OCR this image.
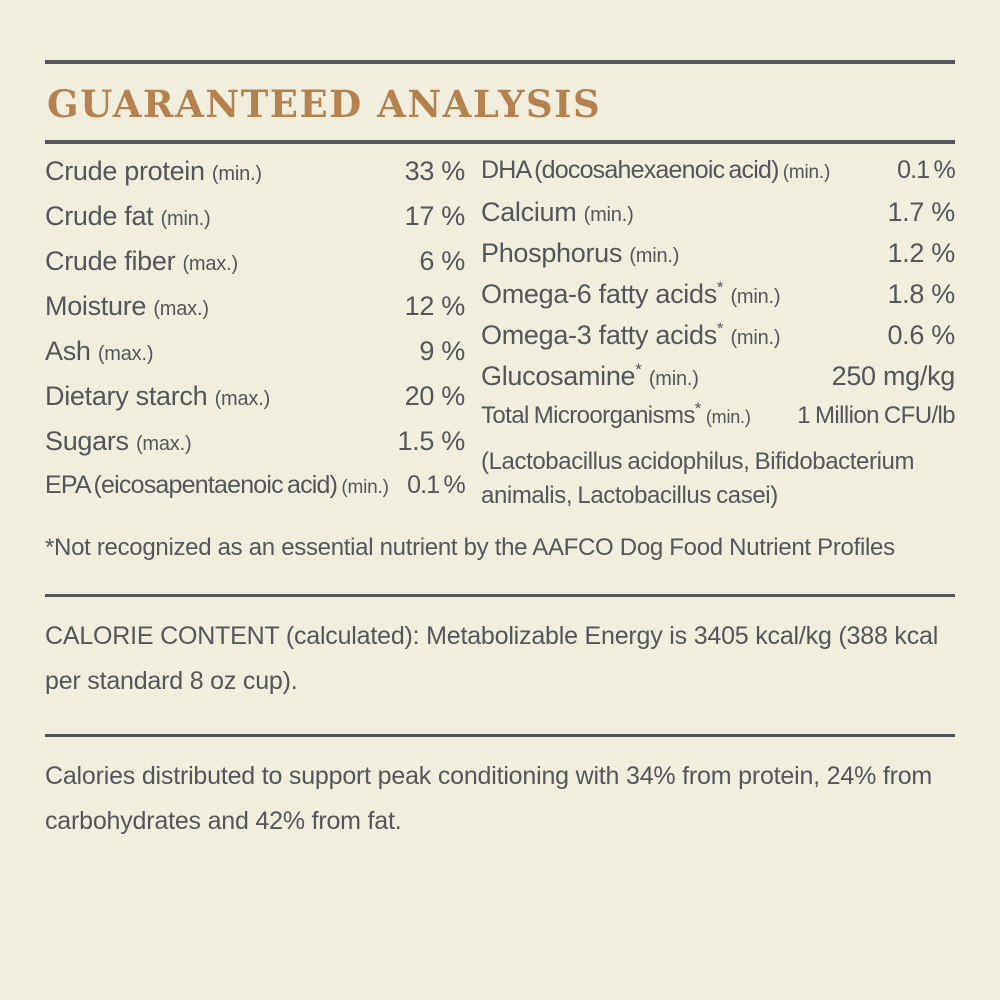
GUARANTEED ANALYSIS
Crude protein (min.)	33 %
Crude fat (min.)	17 %
Crude fiber (max.)	6 %
Moisture (max.)	12 %
Ash (max.)	9 %
Dietary starch (max.)	20 %
Sugars (max.)	1.5 %
EPA (eicosapentaenoic acid) (min.) 0.1 %
DHA (docosahexaenoic acid) (min.)	0.1 %
Calcium (min.)	1.7 %
Phosphorus (min.)	1.2 %
Omega-6 fatty acids* (min.)	1.8 %
Omega-3 fatty acids* (min.)	0.6 %
Glucosamine* (min.)	250 mg/kg
Total Microorganisms* (min.)	1 Million CFU/lb
(Lactobacillus acidophilus, Bifidobacterium animalis, Lactobacillus casei)

*Not recognized as an essential nutrient by the AAFCO Dog Food Nutrient Profiles

CALORIE CONTENT (calculated): Metabolizable Energy is 3405 kcal/kg (388 kcal per standard 8 oz cup).

Calories distributed to support peak conditioning with 34% from protein, 24% from carbohydrates and 42% from fat.
